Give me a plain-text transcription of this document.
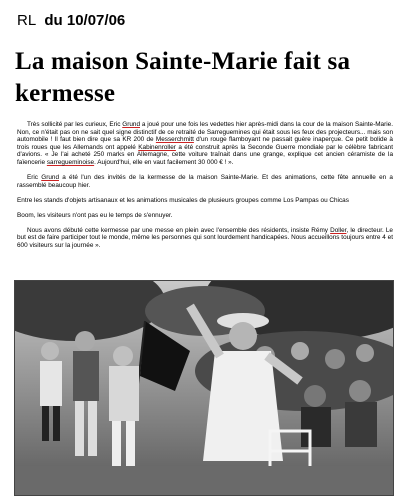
RL du 10/07/06
La maison Sainte-Marie fait sa kermesse

Très sollicité par les curieux, Eric Grund a joué pour une fois les vedettes hier après-midi dans la cour de la maison Sainte-Marie. Non, ce n'était pas on ne sait quel signe distinctif de ce retraité de Sarreguemines qui était sous les feux des projecteurs... mais son automobile ! Il faut bien dire que sa KR 200 de Messerchmitt d'un rouge flamboyant ne passait guère inaperçue. Ce petit bolide à trois roues que les Allemands ont appelé Kabinenroller a été construit après la Seconde Guerre mondiale par le célèbre fabricant d'avions. « Je l'ai acheté 250 marks en Allemagne, cette voiture traînait dans une grange, explique cet ancien céramiste de la faïencerie sarregueminoise. Aujourd'hui, elle en vaut facilement 30 000 € ! ».

Eric Grund a été l'un des invités de la kermesse de la maison Sainte-Marie. Et des animations, cette fête annuelle en a rassemblé beaucoup hier.

Entre les stands d'objets artisanaux et les animations musicales de plusieurs groupes comme Los Pampas ou Chicas

Boom, les visiteurs n'ont pas eu le temps de s'ennuyer.

Nous avons débuté cette kermesse par une messe en plein avec l'ensemble des résidents, insiste Rémy Doller, le directeur. Le but est de faire participer tout le monde, même les personnes qui sont lourdement handicapées. Nous accueillons toujours entre 4 et 600 visiteurs sur la journée ».
